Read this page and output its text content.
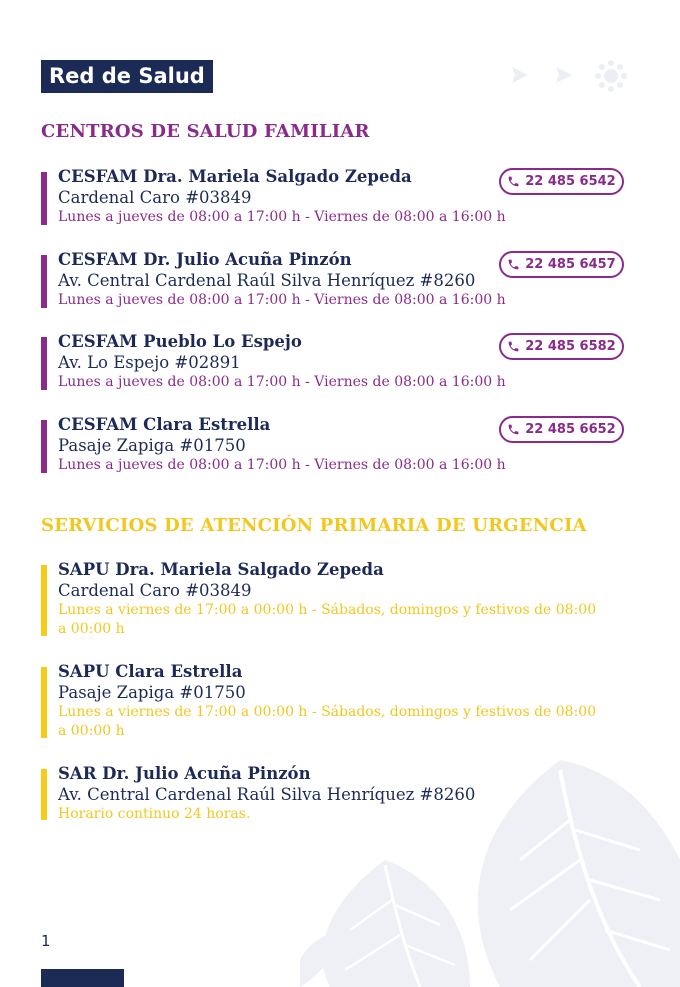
Red de Salud
CENTROS DE SALUD FAMILIAR
CESFAM Dra. Mariela Salgado Zepeda
Cardenal Caro #03849
Lunes a jueves de 08:00 a 17:00 h - Viernes de 08:00 a 16:00 h
22 485 6542
CESFAM Dr. Julio Acuña Pinzón
Av. Central Cardenal Raúl Silva Henríquez #8260
Lunes a jueves de 08:00 a 17:00 h - Viernes de 08:00 a 16:00 h
22 485 6457
CESFAM Pueblo Lo Espejo
Av. Lo Espejo #02891
Lunes a jueves de 08:00 a 17:00 h - Viernes de 08:00 a 16:00 h
22 485 6582
CESFAM Clara Estrella
Pasaje Zapiga #01750
Lunes a jueves de 08:00 a 17:00 h - Viernes de 08:00 a 16:00 h
22 485 6652
SERVICIOS DE ATENCIÓN PRIMARIA DE URGENCIA
SAPU Dra. Mariela Salgado Zepeda
Cardenal Caro #03849
Lunes a viernes de 17:00 a 00:00 h - Sábados, domingos y festivos de 08:00 a 00:00 h
SAPU Clara Estrella
Pasaje Zapiga #01750
Lunes a viernes de 17:00 a 00:00 h - Sábados, domingos y festivos de 08:00 a 00:00 h
SAR Dr. Julio Acuña Pinzón
Av. Central Cardenal Raúl Silva Henríquez #8260
Horario continuo 24 horas.
1
